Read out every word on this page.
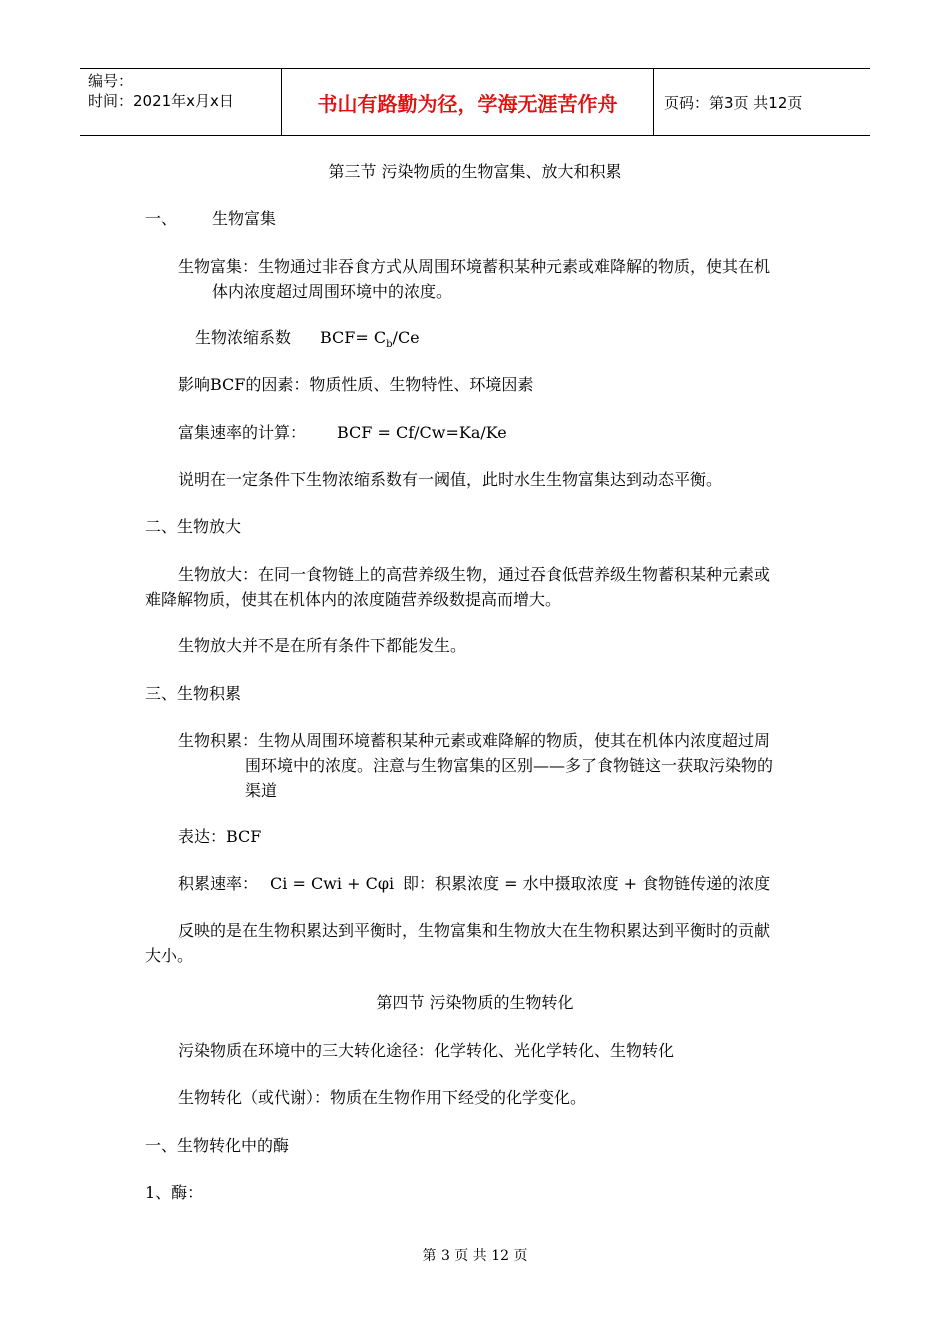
编号：
时间：2021年x月x日	书山有路勤为径，学海无涯苦作舟	页码：第3页 共12页
第三节 污染物质的生物富集、放大和积累
一、 生物富集
生物富集：生物通过非吞食方式从周围环境蓄积某种元素或难降解的物质，使其在机
体内浓度超过周围环境中的浓度。
生物浓缩系数 $BCF= C_b/Ce$
影响BCF的因素：物质性质、生物特性、环境因素
富集速率的计算： BCF = Cf/Cw=Ka/Ke
说明在一定条件下生物浓缩系数有一阈值，此时水生生物富集达到动态平衡。
二、生物放大
生物放大：在同一食物链上的高营养级生物，通过吞食低营养级生物蓄积某种元素或
难降解物质，使其在机体内的浓度随营养级数提高而增大。
生物放大并不是在所有条件下都能发生。
三、生物积累
生物积累：生物从周围环境蓄积某种元素或难降解的物质，使其在机体内浓度超过周
围环境中的浓度。注意与生物富集的区别——多了食物链这一获取污染物的
渠道
表达：BCF
积累速率： Ci = Cwi + Cφi 即：积累浓度 = 水中摄取浓度 + 食物链传递的浓度
反映的是在生物积累达到平衡时，生物富集和生物放大在生物积累达到平衡时的贡献
大小。
第四节 污染物质的生物转化
污染物质在环境中的三大转化途径：化学转化、光化学转化、生物转化
生物转化（或代谢）：物质在生物作用下经受的化学变化。
一、生物转化中的酶
1、酶：
第 3 页 共 12 页
